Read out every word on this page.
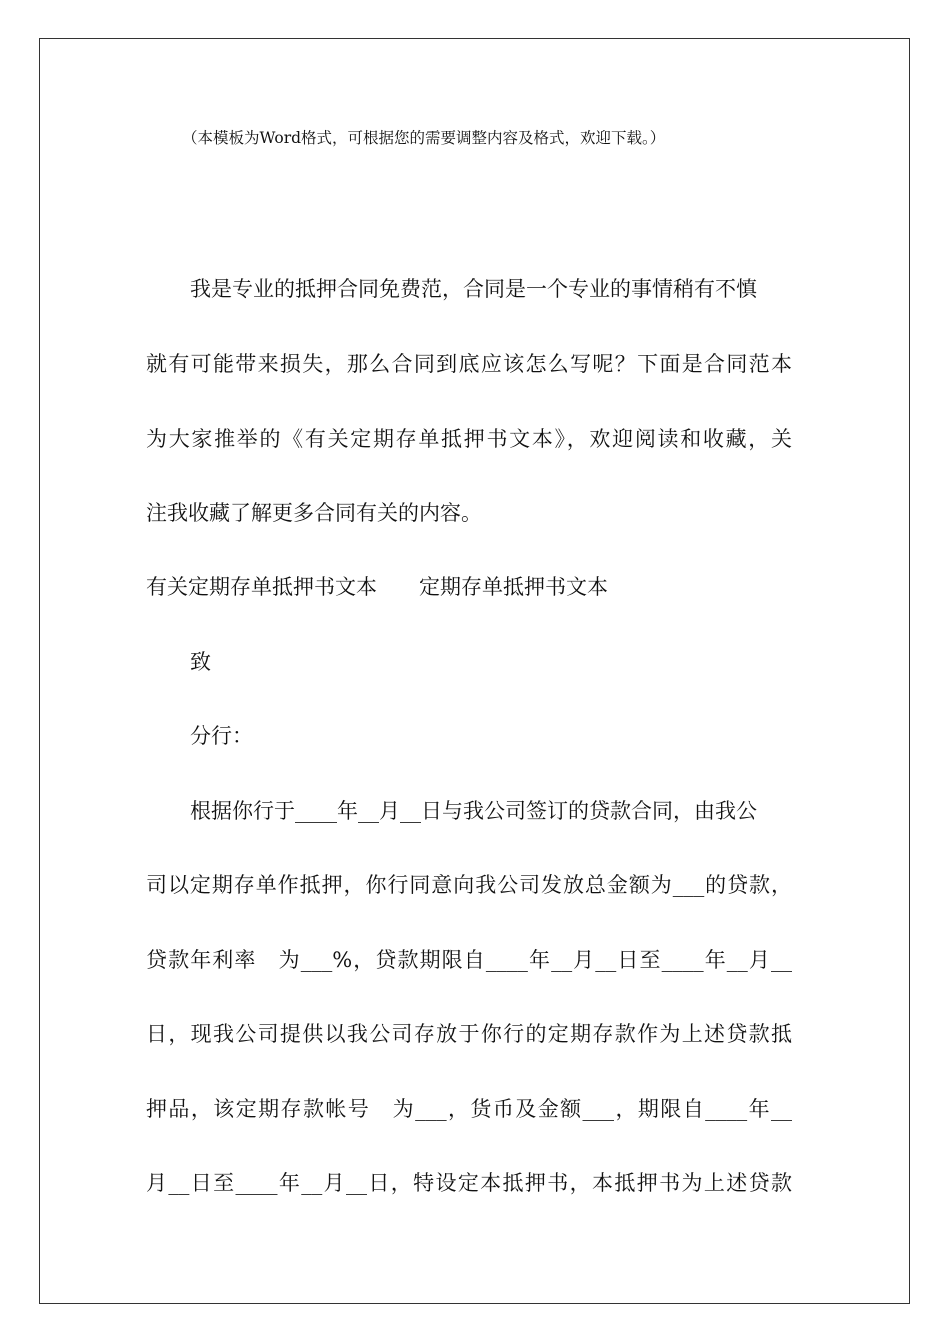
（本模板为Word格式，可根据您的需要调整内容及格式，欢迎下载。）
我是专业的抵押合同免费范，合同是一个专业的事情稍有不慎
就有可能带来损失，那么合同到底应该怎么写呢？下面是合同范本
为大家推举的《有关定期存单抵押书文本》，欢迎阅读和收藏，关
注我收藏了解更多合同有关的内容。
有关定期存单抵押书文本　　定期存单抵押书文本
致
分行：
根据你行于____年__月__日与我公司签订的贷款合同，由我公
司以定期存单作抵押，你行同意向我公司发放总金额为___的贷款，
贷款年利率　为___%，贷款期限自____年__月__日至____年__月__
日，现我公司提供以我公司存放于你行的定期存款作为上述贷款抵
押品，该定期存款帐号　为___，货币及金额___，期限自____年__
月__日至____年__月__日，特设定本抵押书，本抵押书为上述贷款
